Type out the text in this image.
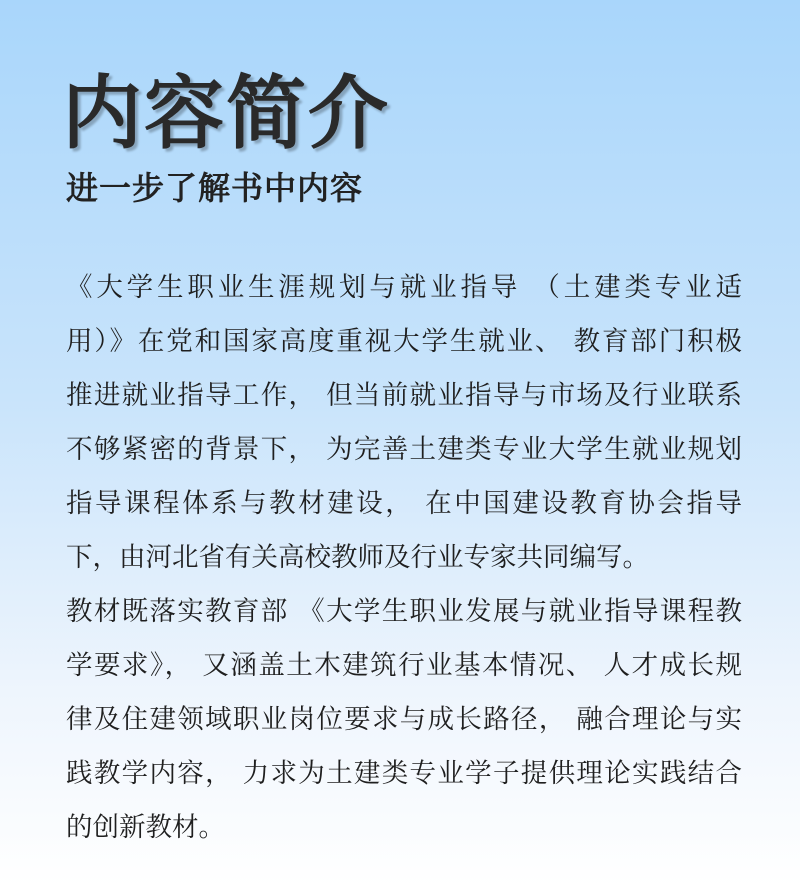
内容简介
进一步了解书中内容
《大学生职业生涯规划与就业指导 （土建类专业适
用）》在党和国家高度重视大学生就业、 教育部门积极
推进就业指导工作， 但当前就业指导与市场及行业联系
不够紧密的背景下， 为完善土建类专业大学生就业规划
指导课程体系与教材建设， 在中国建设教育协会指导
下，由河北省有关高校教师及行业专家共同编写。
教材既落实教育部 《大学生职业发展与就业指导课程教
学要求》， 又涵盖土木建筑行业基本情况、 人才成长规
律及住建领域职业岗位要求与成长路径， 融合理论与实
践教学内容， 力求为土建类专业学子提供理论实践结合
的创新教材。
